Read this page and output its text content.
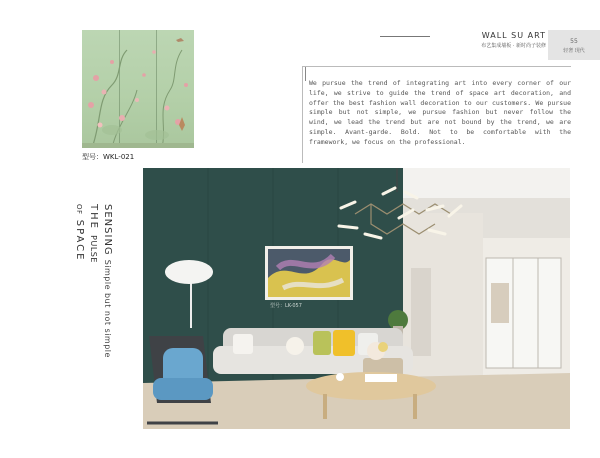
型号：WKL-021
WALL SU ART
布艺集成墙板 · 新时尚子装修
55
轻奢 现代

We pursue the trend of integrating art into every corner of our life, we strive to guide the trend of space art decoration, and offer the best fashion wall decoration to our customers. We pursue simple but not simple, we pursue fashion but never follow the wind, we lead the trend but are not bound by the trend, we are simple. Avant-garde. Bold. Not to be comfortable with the framework, we focus on the professional.

SENSINGSimple but not simple
THE PULSE
OF SPACE
型号：LK-057
